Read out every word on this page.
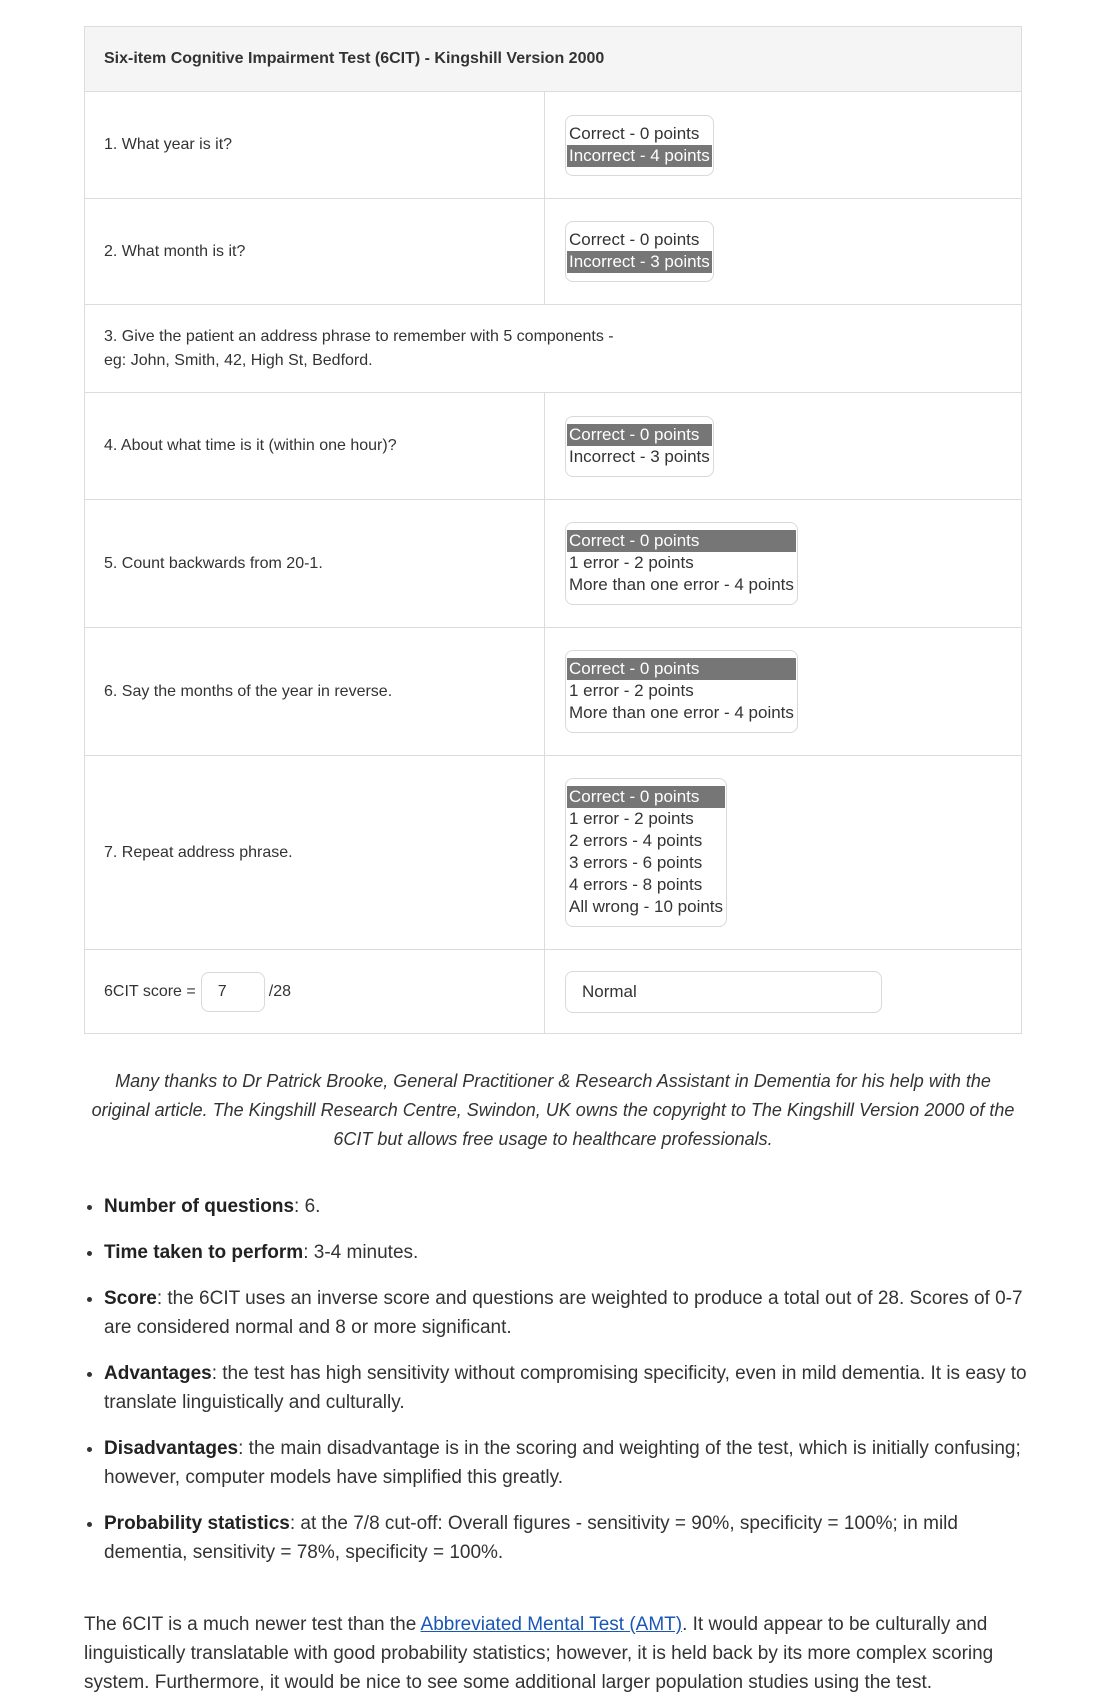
Six-item Cognitive Impairment Test (6CIT) - Kingshill Version 2000
1. What year is it?
Correct - 0 points
Incorrect - 4 points
2. What month is it?
Correct - 0 points
Incorrect - 3 points
3. Give the patient an address phrase to remember with 5 components -
eg: John, Smith, 42, High St, Bedford.
4. About what time is it (within one hour)?
Correct - 0 points
Incorrect - 3 points
5. Count backwards from 20-1.
Correct - 0 points
1 error - 2 points
More than one error - 4 points
6. Say the months of the year in reverse.
Correct - 0 points
1 error - 2 points
More than one error - 4 points
7. Repeat address phrase.
Correct - 0 points
1 error - 2 points
2 errors - 4 points
3 errors - 6 points
4 errors - 8 points
All wrong - 10 points
6CIT score =
7	/28
Normal

Many thanks to Dr Patrick Brooke, General Practitioner & Research Assistant in Dementia for his help with the original article. The Kingshill Research Centre, Swindon, UK owns the copyright to The Kingshill Version 2000 of the 6CIT but allows free usage to healthcare professionals.

• Number of questions: 6.
• Time taken to perform: 3-4 minutes.
• Score: the 6CIT uses an inverse score and questions are weighted to produce a total out of 28. Scores of 0-7 are considered normal and 8 or more significant.
• Advantages: the test has high sensitivity without compromising specificity, even in mild dementia. It is easy to translate linguistically and culturally.
• Disadvantages: the main disadvantage is in the scoring and weighting of the test, which is initially confusing; however, computer models have simplified this greatly.
• Probability statistics: at the 7/8 cut-off: Overall figures - sensitivity = 90%, specificity = 100%; in mild dementia, sensitivity = 78%, specificity = 100%.

The 6CIT is a much newer test than the Abbreviated Mental Test (AMT). It would appear to be culturally and linguistically translatable with good probability statistics; however, it is held back by its more complex scoring system. Furthermore, it would be nice to see some additional larger population studies using the test.
